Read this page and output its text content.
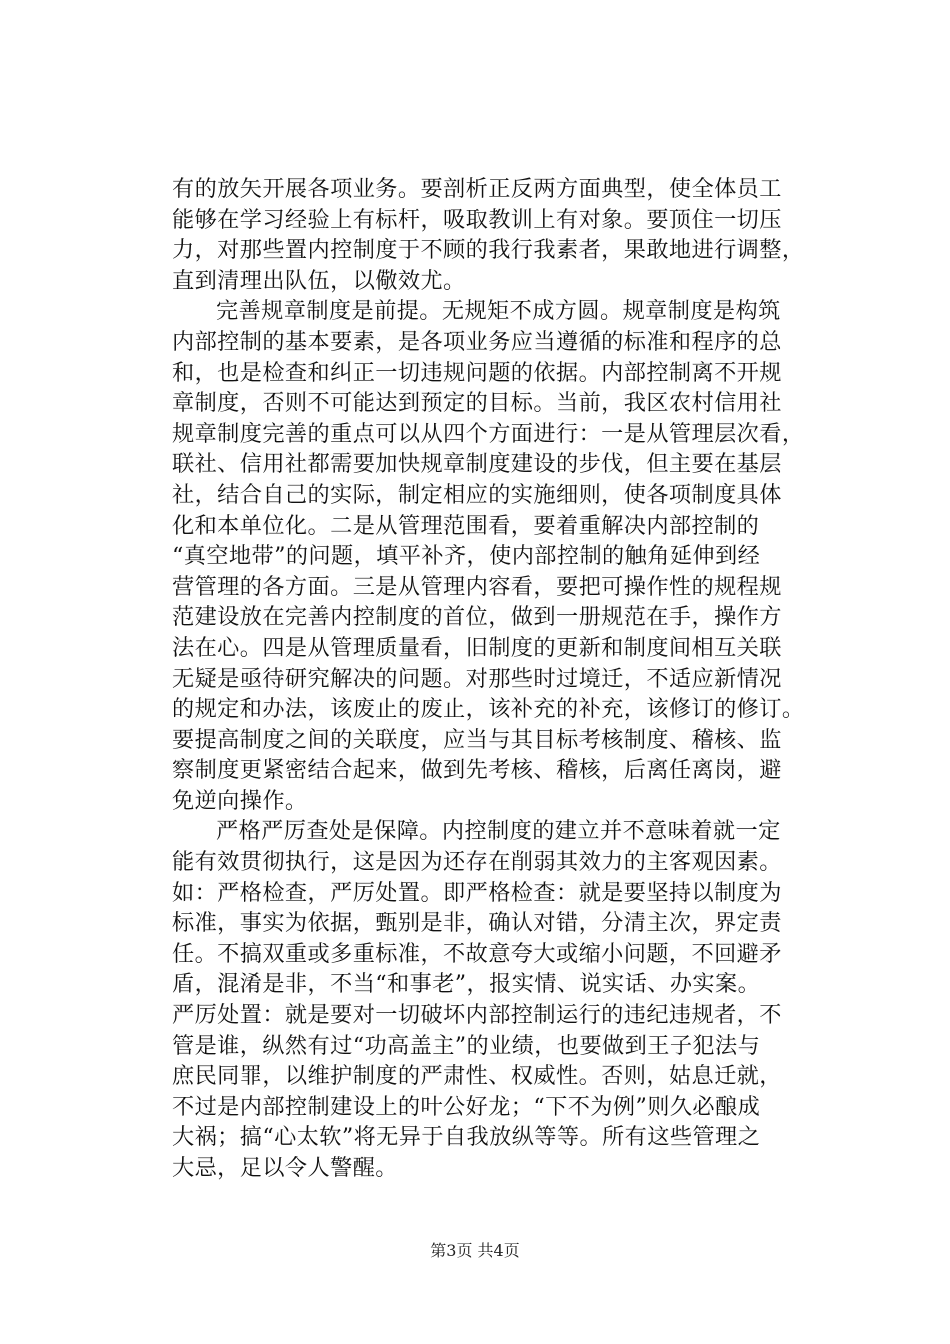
有的放矢开展各项业务。要剖析正反两方面典型，使全体员工
能够在学习经验上有标杆，吸取教训上有对象。要顶住一切压
力，对那些置内控制度于不顾的我行我素者，果敢地进行调整，
直到清理出队伍，以儆效尤。
完善规章制度是前提。无规矩不成方圆。规章制度是构筑
内部控制的基本要素，是各项业务应当遵循的标准和程序的总
和，也是检查和纠正一切违规问题的依据。内部控制离不开规
章制度，否则不可能达到预定的目标。当前，我区农村信用社
规章制度完善的重点可以从四个方面进行：一是从管理层次看，
联社、信用社都需要加快规章制度建设的步伐，但主要在基层
社，结合自己的实际，制定相应的实施细则，使各项制度具体
化和本单位化。二是从管理范围看，要着重解决内部控制的
“真空地带”的问题，填平补齐，使内部控制的触角延伸到经
营管理的各方面。三是从管理内容看，要把可操作性的规程规
范建设放在完善内控制度的首位，做到一册规范在手，操作方
法在心。四是从管理质量看，旧制度的更新和制度间相互关联
无疑是亟待研究解决的问题。对那些时过境迁，不适应新情况
的规定和办法，该废止的废止，该补充的补充，该修订的修订。
要提高制度之间的关联度，应当与其目标考核制度、稽核、监
察制度更紧密结合起来，做到先考核、稽核，后离任离岗，避
免逆向操作。
严格严厉查处是保障。内控制度的建立并不意味着就一定
能有效贯彻执行，这是因为还存在削弱其效力的主客观因素。
如：严格检查，严厉处置。即严格检查：就是要坚持以制度为
标准，事实为依据，甄别是非，确认对错，分清主次，界定责
任。不搞双重或多重标准，不故意夸大或缩小问题，不回避矛
盾，混淆是非，不当“和事老”，报实情、说实话、办实案。
严厉处置：就是要对一切破坏内部控制运行的违纪违规者，不
管是谁，纵然有过“功高盖主”的业绩，也要做到王子犯法与
庶民同罪，以维护制度的严肃性、权威性。否则，姑息迁就，
不过是内部控制建设上的叶公好龙；“下不为例”则久必酿成
大祸；搞“心太软”将无异于自我放纵等等。所有这些管理之
大忌，足以令人警醒。
第3页 共4页
